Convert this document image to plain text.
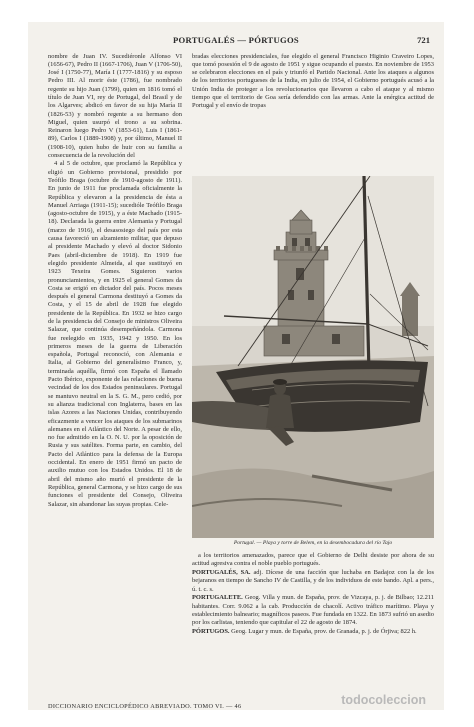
PORTUGALÉS — PÓRTUGOS	721

nombre de Juan IV. Sucediéronle Alfonso VI (1656-67), Pedro II (1667-1706), Juan V (1706-50), José I (1750-77), María I (1777-1816) y su esposo Pedro III. Al morir éste (1786), fue nombrado regente su hijo Juan (1799), quien en 1816 tomó el título de Juan VI, rey de Portugal, del Brasil y de los Algarves; abdicó en favor de su hija María II (1826-53) y nombró regente a su hermano don Miguel, quien usurpó el trono a su sobrina. Reinaron luego Pedro V (1853-61), Luis I (1861-89), Carlos I (1889-1908) y, por último, Manuel II (1908-10), quien hubo de huir con su familia a consecuencia de la revolución del

4 al 5 de octubre, que proclamó la República y eligió un Gobierno provisional, presidido por Teófilo Braga (octubre de 1910-agosto de 1911). En junio de 1911 fue proclamada oficialmente la República y elevaron a la presidencia de ésta a Manuel Arriaga (1911-15); sucedióle Teófilo Braga (agosto-octubre de 1915), y a éste Machado (1915-18). Declarada la guerra entre Alemania y Portugal (marzo de 1916), el desasosiego del país por esta causa favoreció un alzamiento militar, que depuso al presidente Machado y elevó al doctor Sidonio Paes (abril-diciembre de 1918). En 1919 fue elegido presidente Almeida, al que sustituyó en 1923 Texeira Gomes. Siguieron varios pronunciamientos, y en 1925 el general Gomes da Costa se erigió en dictador del país. Pocos meses después el general Carmona destituyó a Gomes da Costa, y el 15 de abril de 1928 fue elegido presidente de la República. En 1932 se hizo cargo de la presidencia del Consejo de ministros Oliveira Salazar, que continúa desempeñándola. Carmona fue reelegido en 1935, 1942 y 1950. En los primeros meses de la guerra de Liberación española, Portugal reconoció, con Alemania e Italia, al Gobierno del generalísimo Franco, y, terminada aquélla, firmó con España el llamado Pacto Ibérico, exponente de las relaciones de buena vecindad de los dos Estados peninsulares. Portugal se mantuvo neutral en la S. G. M., pero cedió, por su alianza tradicional con Inglaterra, bases en las islas Azores a las Naciones Unidas, contribuyendo eficazmente a vencer los ataques de los submarinos alemanes en el Atlántico del Norte. A pesar de ello, no fue admitido en la O. N. U. por la oposición de Rusia y sus satélites. Forma parte, en cambio, del Pacto del Atlántico para la defensa de la Europa occidental. En enero de 1951 firmó un pacto de auxilio mutuo con los Estados Unidos. El 18 de abril del mismo año murió el presidente de la República, general Carmona, y se hizo cargo de sus funciones el presidente del Consejo, Oliveira Salazar, sin abandonar las suyas propias. Cele-

bradas elecciones presidenciales, fue elegido el general Francisco Higinio Craveiro Lopes, que tomó posesión el 9 de agosto de 1951 y sigue ocupando el puesto. En noviembre de 1953 se celebraron elecciones en el país y triunfó el Partido Nacional. Ante los ataques a algunos de los territorios portugueses de la India, en julio de 1954, el Gobierno portugués acusó a la Unión India de proteger a los revolucionarios que llevaron a cabo el ataque y al mismo tiempo que el territorio de Goa sería defendido con las armas. Ante la enérgica actitud de Portugal y el envío de tropas

Portugal. — Playa y torre de Belem, en la desembocadura del río Tajo

a los territorios amenazados, parece que el Gobierno de Delhi desiste por ahora de su actitud agresiva contra el noble pueblo portugués.

PORTUGALÉS, SA. adj. Dícese de una facción que luchaba en Badajoz con la de los bejaranos en tiempo de Sancho IV de Castilla, y de los individuos de este bando. Apl. a pers., ú. t. c. s.

PORTUGALETE. Geog. Villa y mun. de España, prov. de Vizcaya, p. j. de Bilbao; 12.211 habitantes. Corr. 9.062 a la cab. Producción de chacolí. Activo tráfico marítimo. Playa y establecimiento balneario; magníficos paseos. Fue fundada en 1322. En 1873 sufrió un asedio por los carlistas, teniendo que capitular el 22 de agosto de 1874.

PÓRTUGOS. Geog. Lugar y mun. de España, prov. de Granada, p. j. de Órjiva; 822 h.

DICCIONARIO ENCICLOPÉDICO ABREVIADO. TOMO VI. — 46	todocoleccion
